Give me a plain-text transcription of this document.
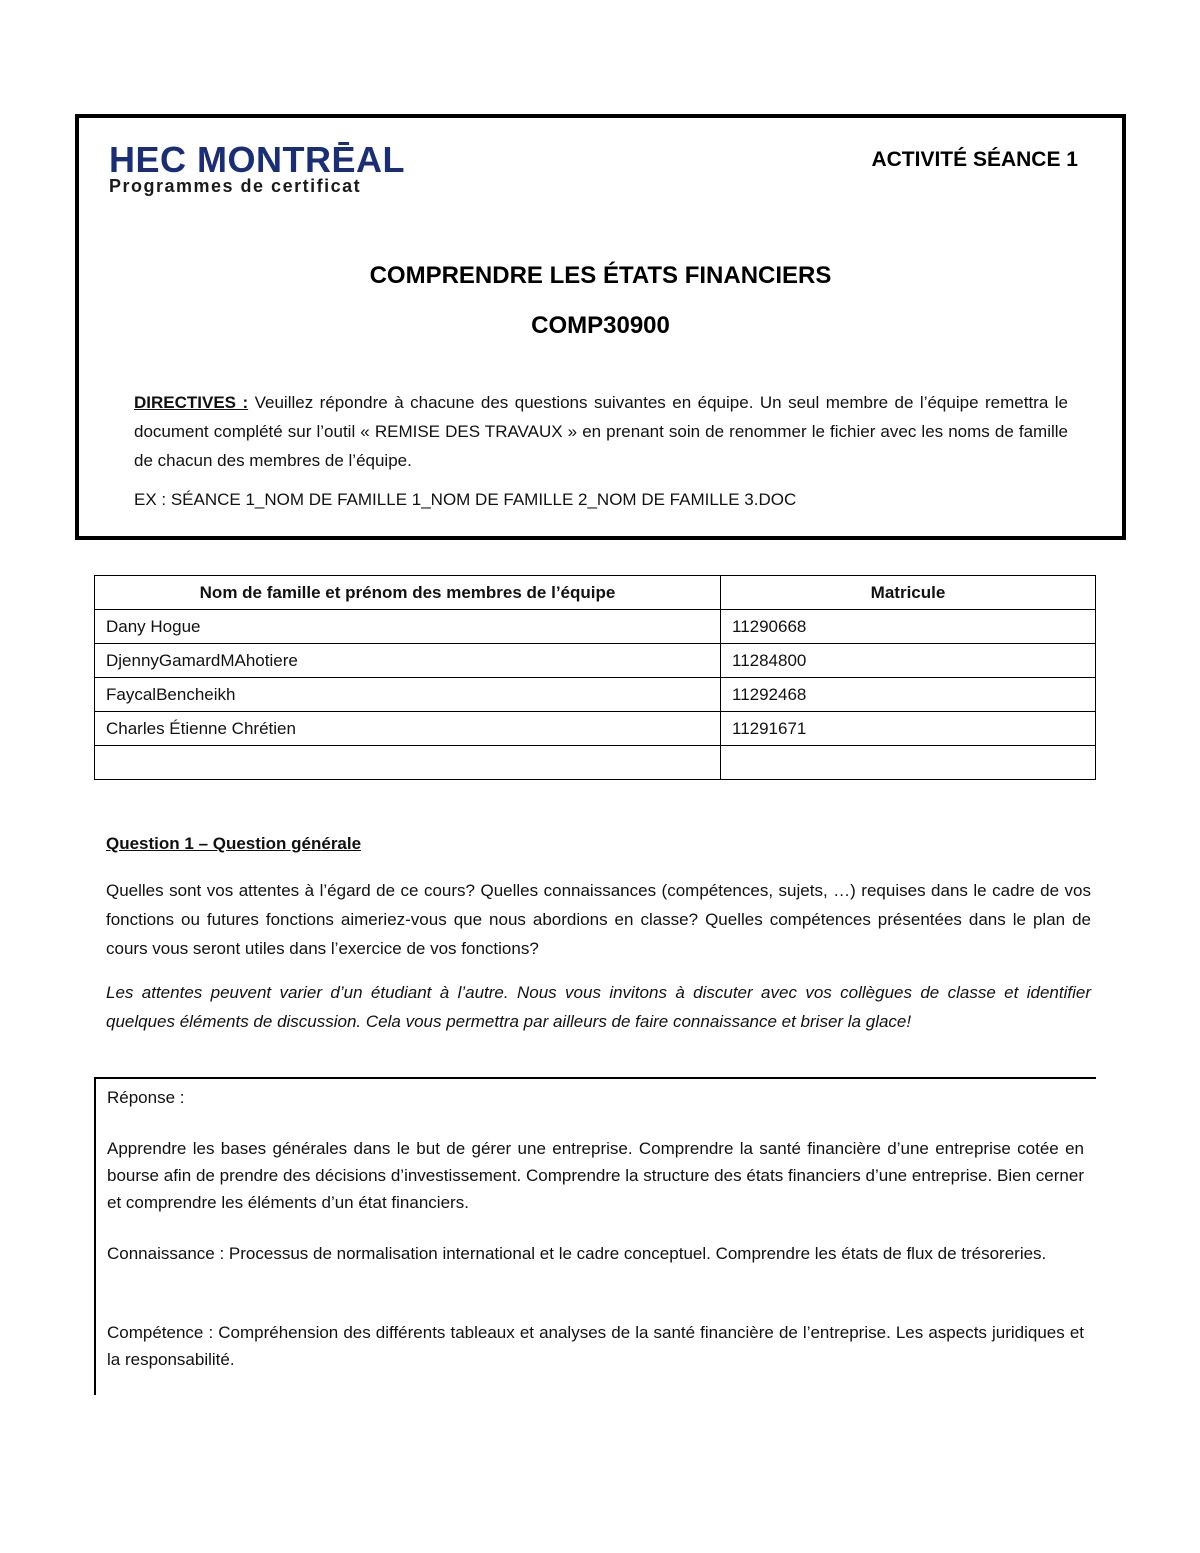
HEC MONTRĒAL
Programmes de certificat
ACTIVITÉ SÉANCE 1
COMPRENDRE LES ÉTATS FINANCIERS
COMP30900
DIRECTIVES : Veuillez répondre à chacune des questions suivantes en équipe. Un seul membre de l’équipe remettra le document complété sur l’outil « REMISE DES TRAVAUX » en prenant soin de renommer le fichier avec les noms de famille de chacun des membres de l’équipe.
EX : SÉANCE 1_NOM DE FAMILLE 1_NOM DE FAMILLE 2_NOM DE FAMILLE 3.DOC
Nom de famille et prénom des membres de l’équipe	Matricule
Dany Hogue	11290668
DjennyGamardMAhotiere	11284800
FaycalBencheikh	11292468
Charles Étienne Chrétien	11291671

Question 1 – Question générale
Quelles sont vos attentes à l’égard de ce cours? Quelles connaissances (compétences, sujets, …) requises dans le cadre de vos fonctions ou futures fonctions aimeriez-vous que nous abordions en classe? Quelles compétences présentées dans le plan de cours vous seront utiles dans l’exercice de vos fonctions?
Les attentes peuvent varier d’un étudiant à l’autre. Nous vous invitons à discuter avec vos collègues de classe et identifier quelques éléments de discussion. Cela vous permettra par ailleurs de faire connaissance et briser la glace!

Réponse :

Apprendre les bases générales dans le but de gérer une entreprise. Comprendre la santé financière d’une entreprise cotée en bourse afin de prendre des décisions d’investissement. Comprendre la structure des états financiers d’une entreprise. Bien cerner et comprendre les éléments d’un état financiers.

Connaissance : Processus de normalisation international et le cadre conceptuel. Comprendre les états de flux de trésoreries.

Compétence : Compréhension des différents tableaux et analyses de la santé financière de l’entreprise. Les aspects juridiques et la responsabilité.
